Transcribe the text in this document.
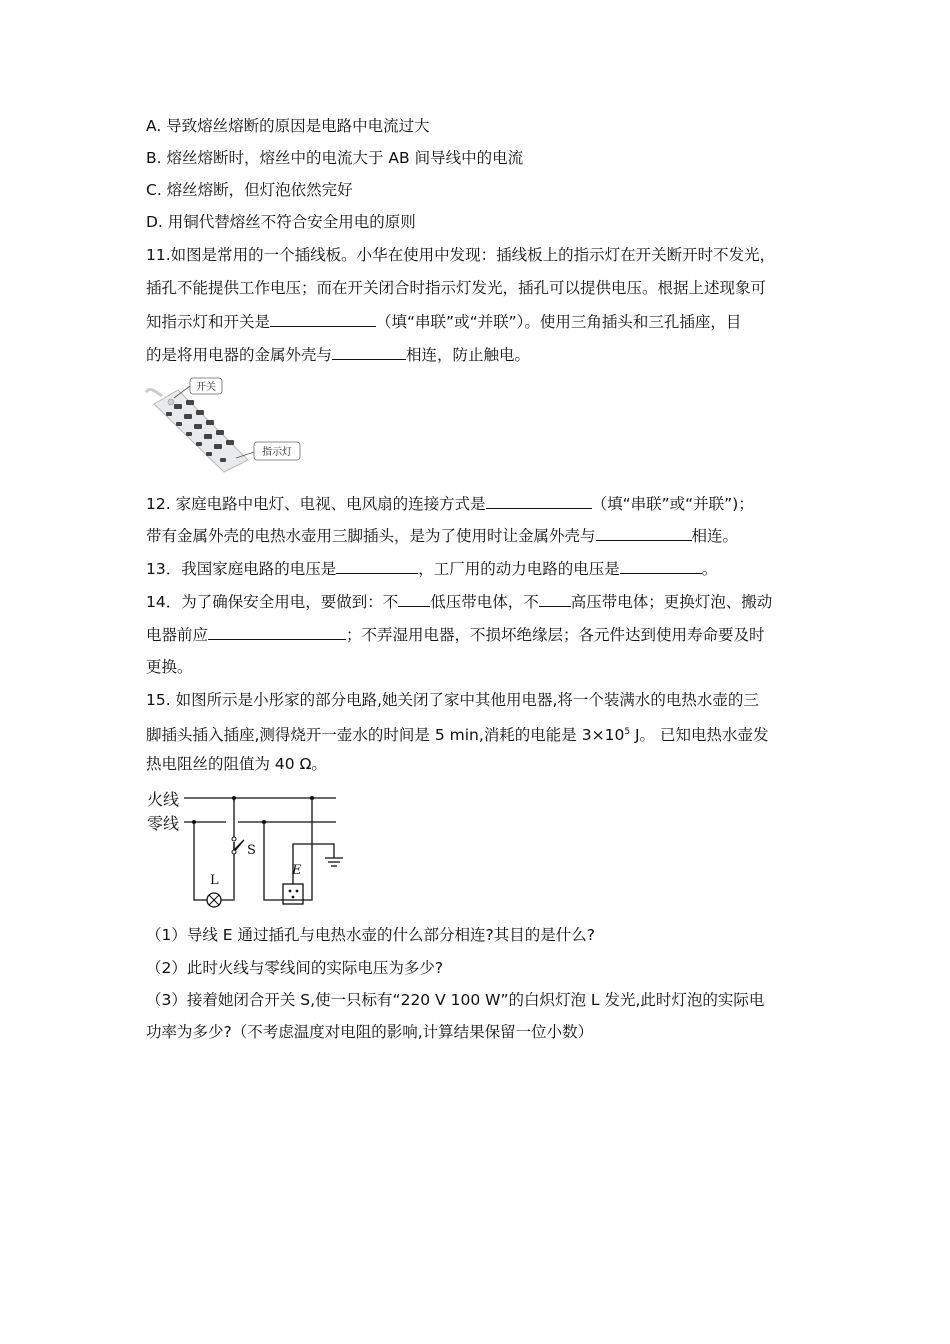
A. 导致熔丝熔断的原因是电路中电流过大
B. 熔丝熔断时，熔丝中的电流大于 AB 间导线中的电流
C. 熔丝熔断，但灯泡依然完好
D. 用铜代替熔丝不符合安全用电的原则
11.如图是常用的一个插线板。小华在使用中发现：插线板上的指示灯在开关断开时不发光，
插孔不能提供工作电压；而在开关闭合时指示灯发光，插孔可以提供电压。根据上述现象可
知指示灯和开关是	（填“串联”或“并联”）。使用三角插头和三孔插座，目
的是将用电器的金属外壳与	相连，防止触电。
开关
指示灯
12. 家庭电路中电灯、电视、电风扇的连接方式是	（填“串联”或“并联”)；
带有金属外壳的电热水壶用三脚插头，是为了使用时让金属外壳与	相连。
13．我国家庭电路的电压是	，工厂用的动力电路的电压是	。
14．为了确保安全用电，要做到：不 低压带电体，不 高压带电体；更换灯泡、搬动
电器前应	；不弄湿用电器，不损坏绝缘层；各元件达到使用寿命要及时
更换。
15. 如图所示是小彤家的部分电路,她关闭了家中其他用电器,将一个装满水的电热水壶的三
脚插头插入插座,测得烧开一壶水的时间是 5 min,消耗的电能是 $3\times 10^5$ J。 已知电热水壶发
热电阻丝的阻值为 40 Ω。
火线
零线
L
S
E
（1）导线 E 通过插孔与电热水壶的什么部分相连?其目的是什么?
（2）此时火线与零线间的实际电压为多少?
（3）接着她闭合开关 S,使一只标有“220 V 100 W”的白炽灯泡 L 发光,此时灯泡的实际电
功率为多少?（不考虑温度对电阻的影响,计算结果保留一位小数）
